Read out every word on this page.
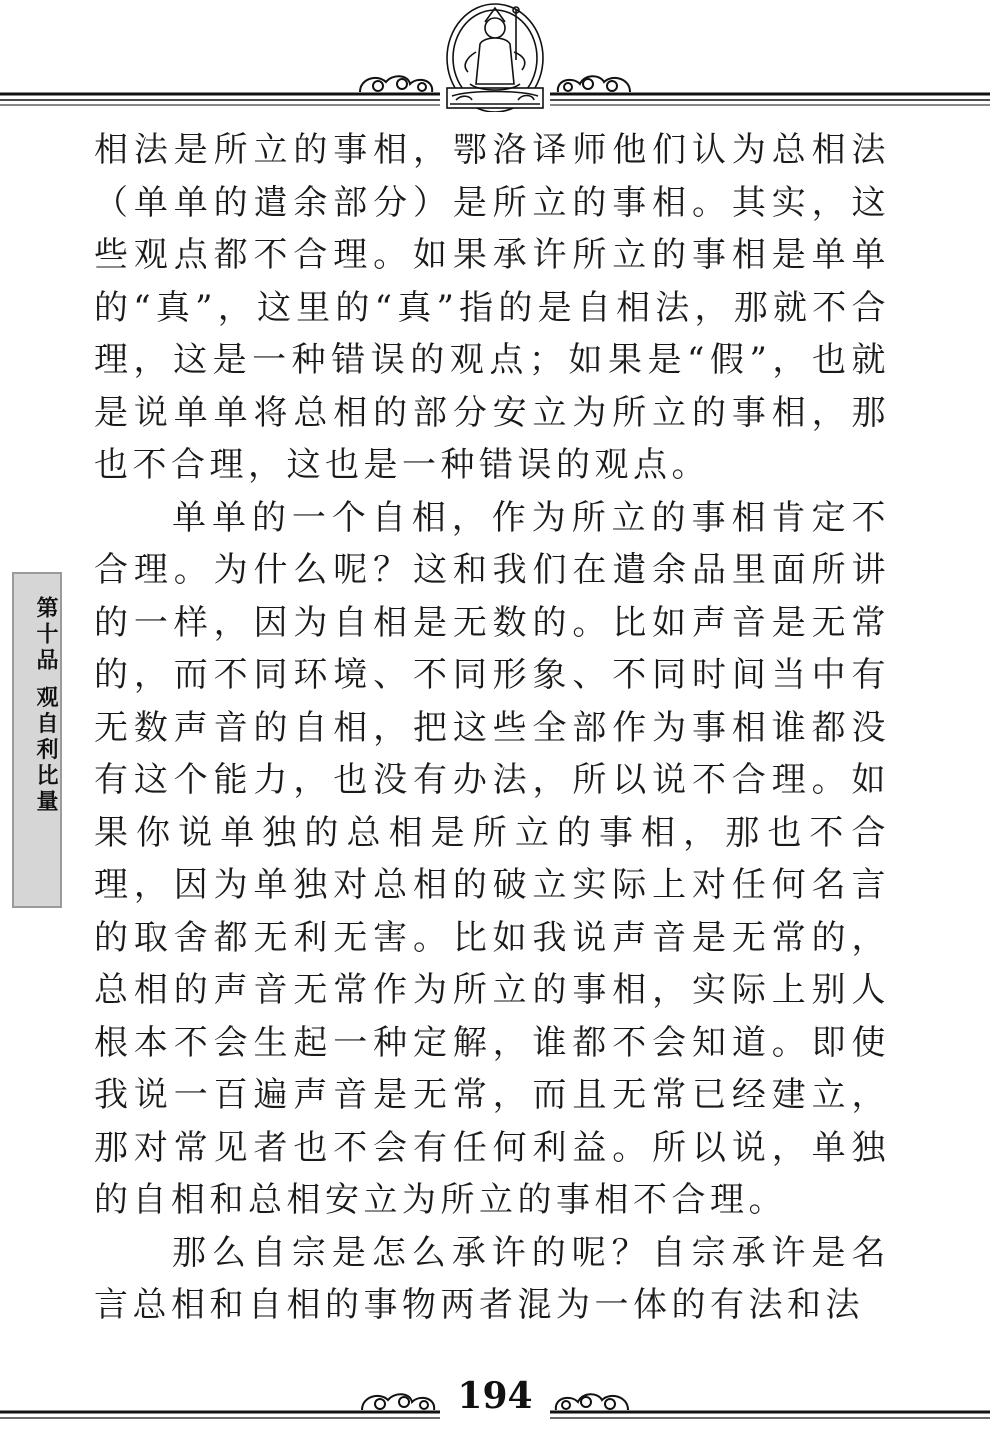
第十品 观自利比量

相法是所立的事相，鄂洛译师他们认为总相法（单单的遣余部分）是所立的事相。其实，这些观点都不合理。如果承许所立的事相是单单的“真”，这里的“真”指的是自相法，那就不合理，这是一种错误的观点；如果是“假”，也就是说单单将总相的部分安立为所立的事相，那也不合理，这也是一种错误的观点。

单单的一个自相，作为所立的事相肯定不合理。为什么呢？这和我们在遣余品里面所讲的一样，因为自相是无数的。比如声音是无常的，而不同环境、不同形象、不同时间当中有无数声音的自相，把这些全部作为事相谁都没有这个能力，也没有办法，所以说不合理。如果你说单独的总相是所立的事相，那也不合理，因为单独对总相的破立实际上对任何名言的取舍都无利无害。比如我说声音是无常的，总相的声音无常作为所立的事相，实际上别人根本不会生起一种定解，谁都不会知道。即使我说一百遍声音是无常，而且无常已经建立，那对常见者也不会有任何利益。所以说，单独的自相和总相安立为所立的事相不合理。

那么自宗是怎么承许的呢？自宗承许是名言总相和自相的事物两者混为一体的有法和法

194
